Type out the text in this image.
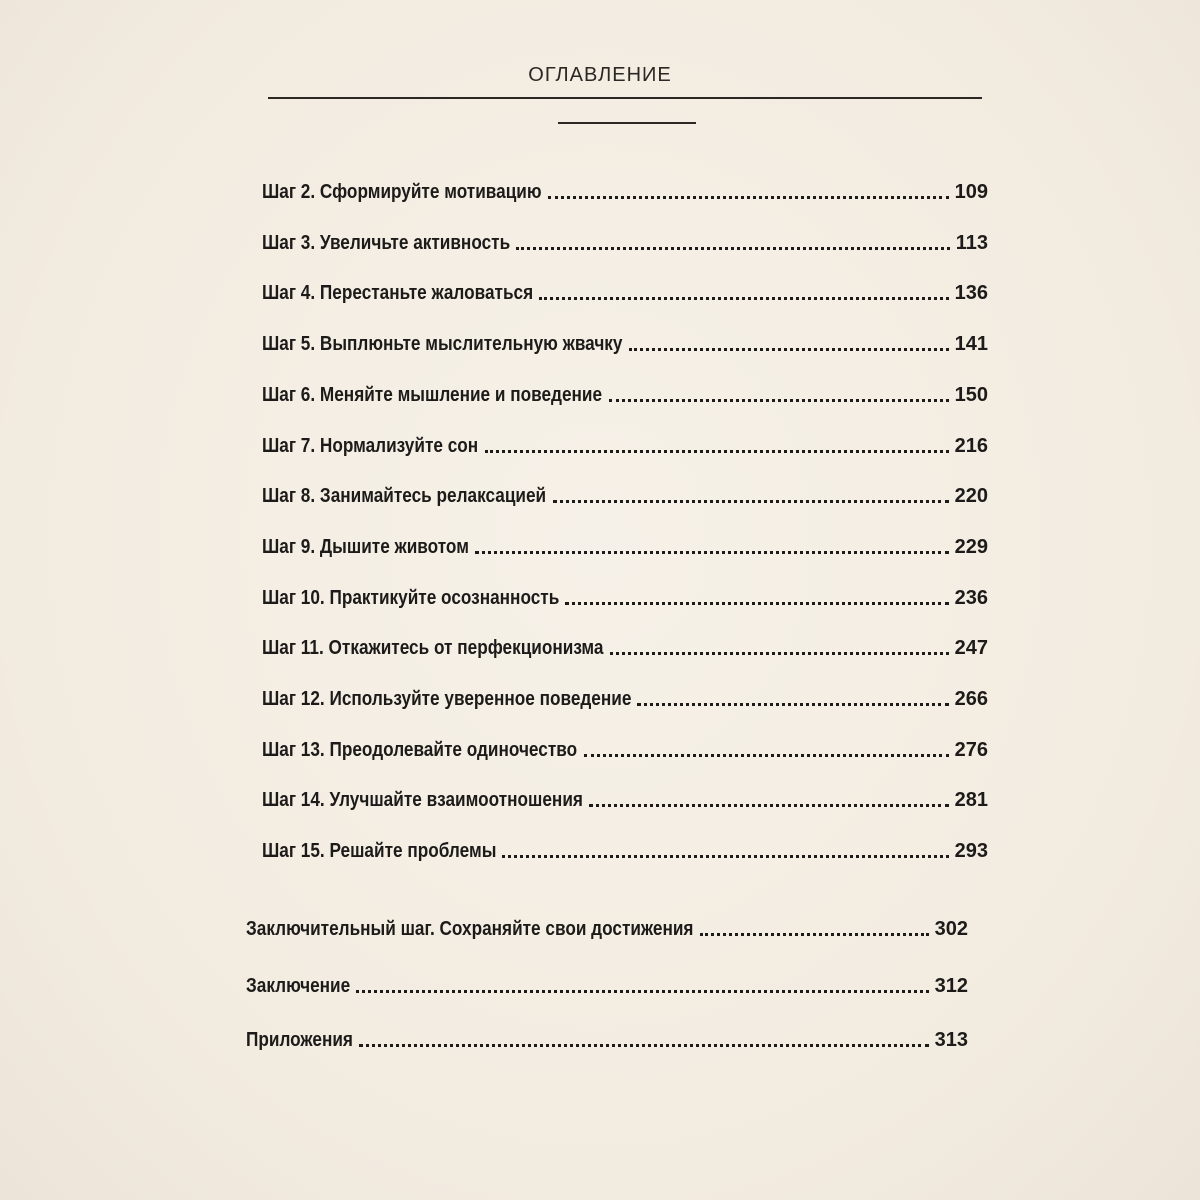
ОГЛАВЛЕНИЕ
Шаг 2. Сформируйте мотивацию	109
Шаг 3. Увеличьте активность	113
Шаг 4. Перестаньте жаловаться	136
Шаг 5. Выплюньте мыслительную жвачку	141
Шаг 6. Меняйте мышление и поведение	150
Шаг 7. Нормализуйте сон	216
Шаг 8. Занимайтесь релаксацией	220
Шаг 9. Дышите животом	229
Шаг 10. Практикуйте осознанность	236
Шаг 11. Откажитесь от перфекционизма	247
Шаг 12. Используйте уверенное поведение	266
Шаг 13. Преодолевайте одиночество	276
Шаг 14. Улучшайте взаимоотношения	281
Шаг 15. Решайте проблемы	293
Заключительный шаг. Сохраняйте свои достижения	302
Заключение	312
Приложения	313
